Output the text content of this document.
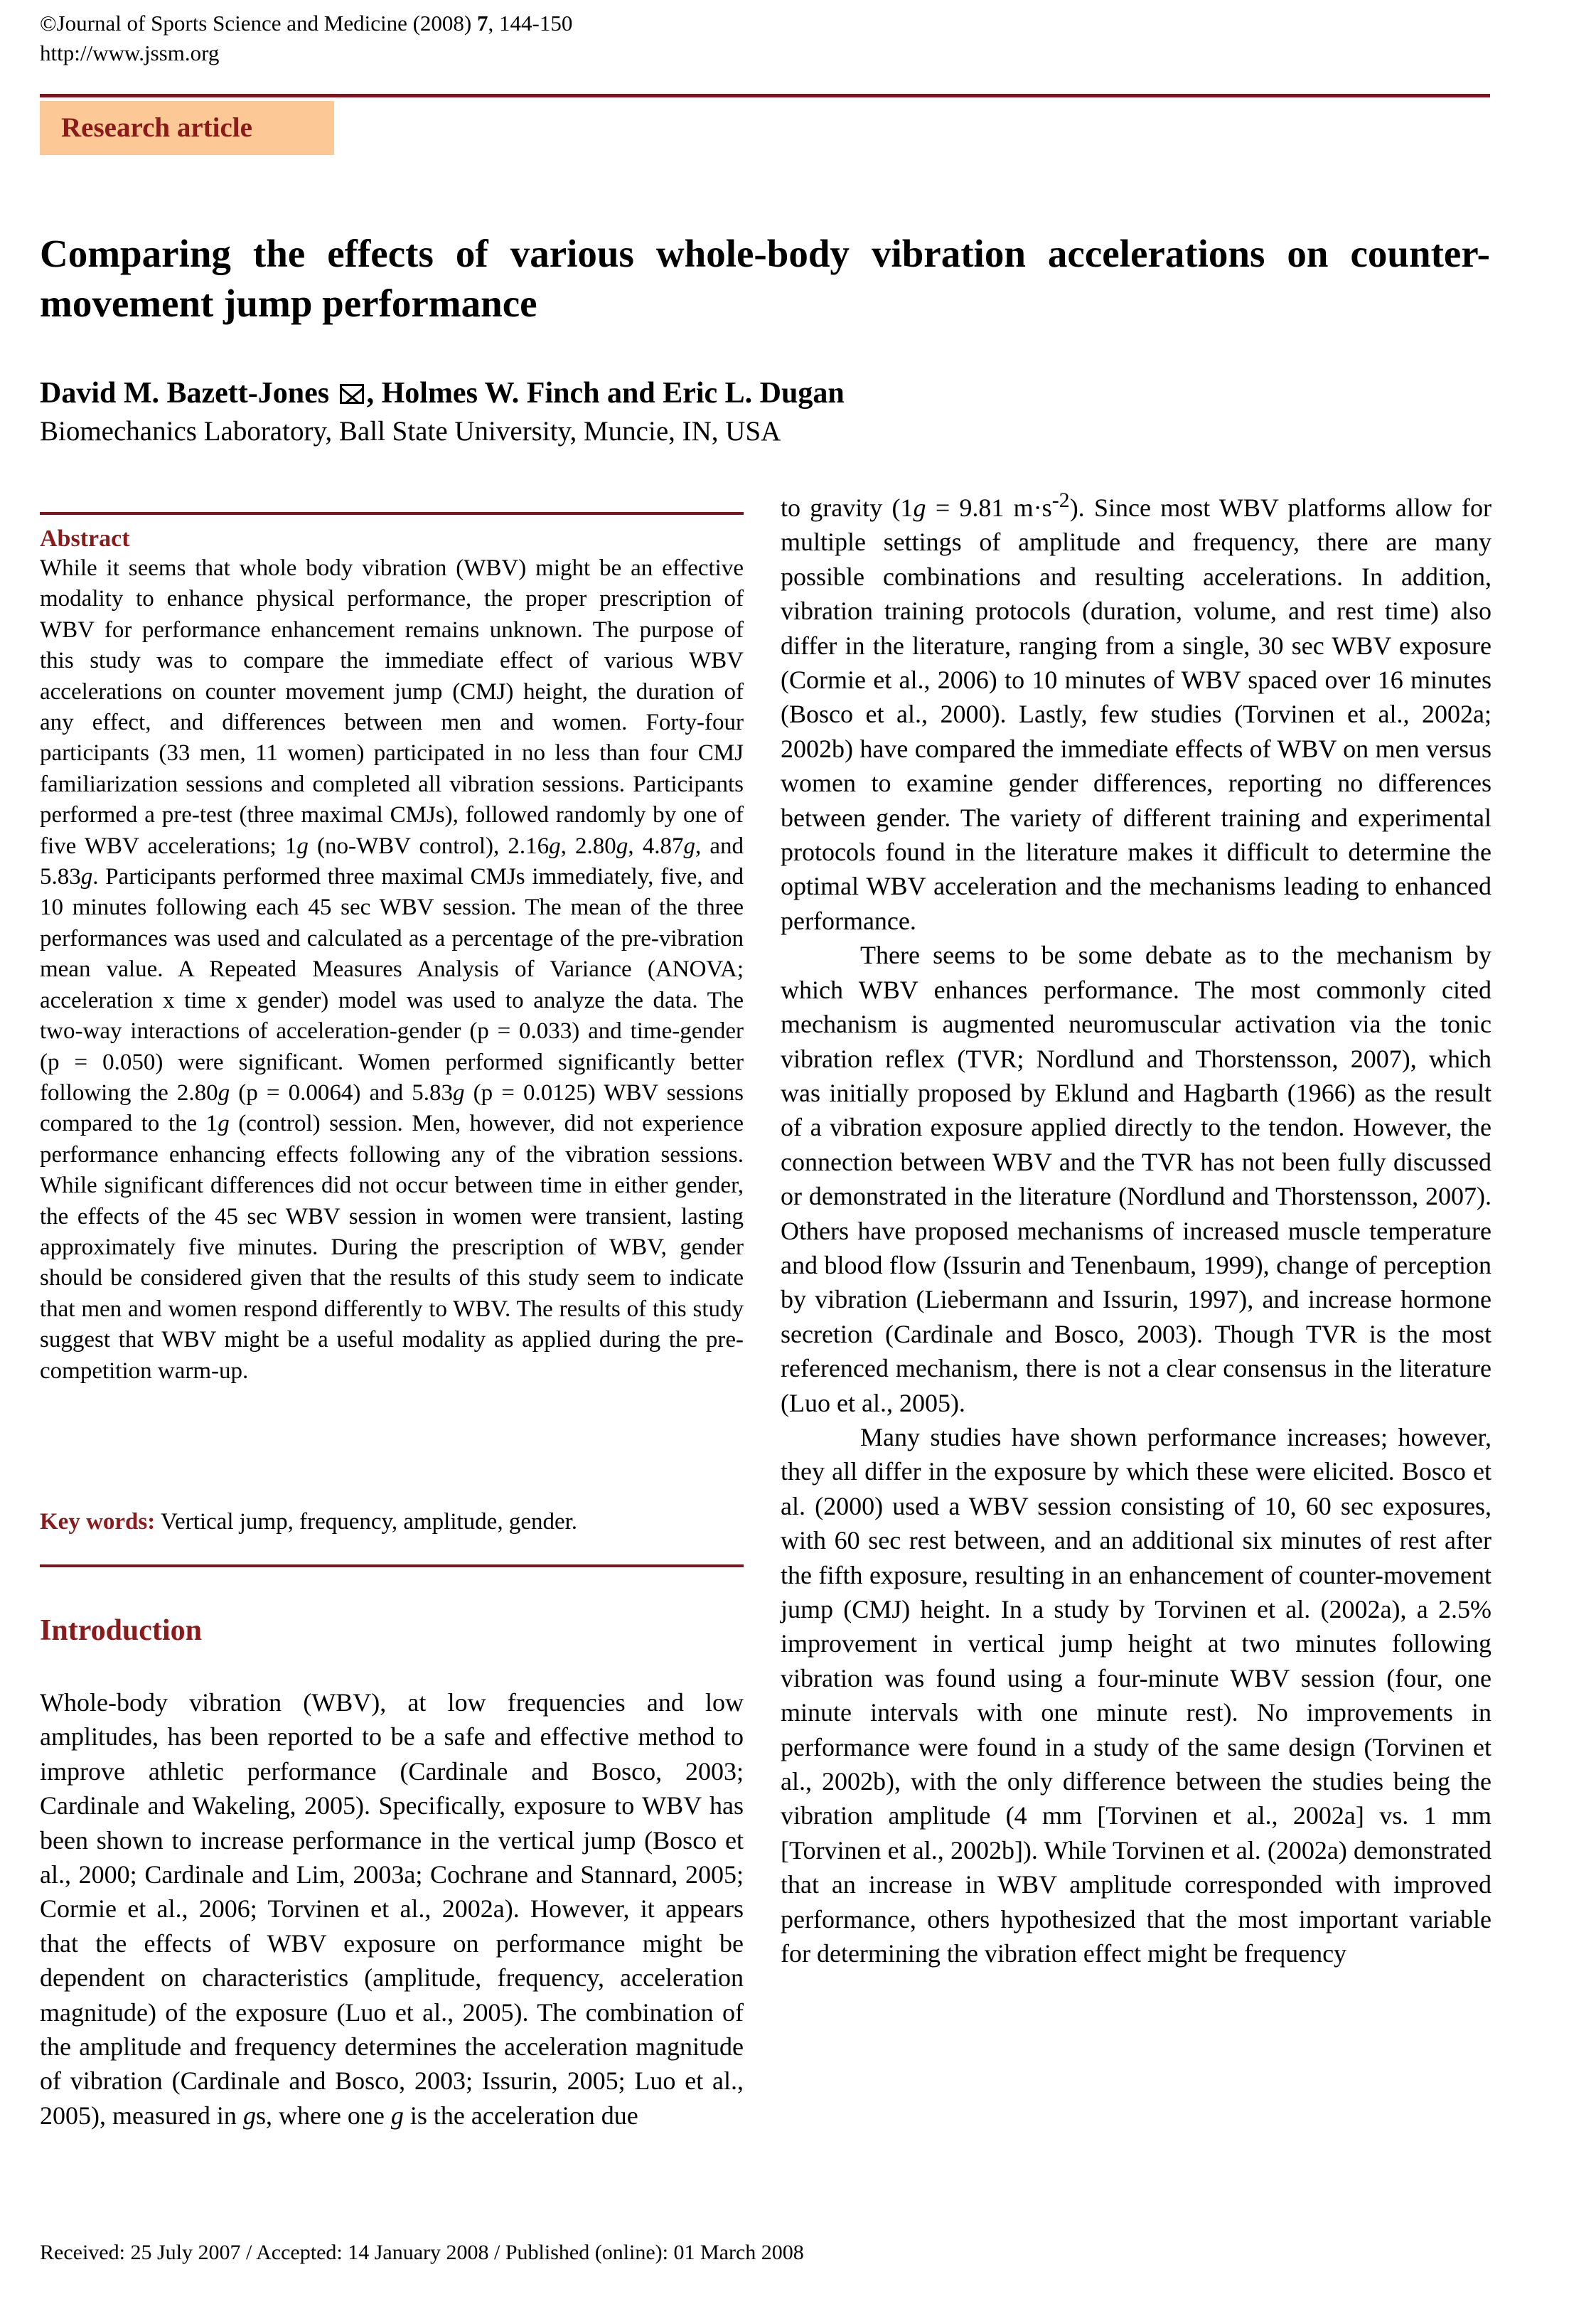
©Journal of Sports Science and Medicine (2008) 7, 144-150
http://www.jssm.org
Research article
Comparing the effects of various whole-body vibration accelerations on counter-movement jump performance
David M. Bazett-Jones , Holmes W. Finch and Eric L. Dugan
Biomechanics Laboratory, Ball State University, Muncie, IN, USA
Abstract
While it seems that whole body vibration (WBV) might be an effective modality to enhance physical performance, the proper prescription of WBV for performance enhancement remains unknown. The purpose of this study was to compare the immediate effect of various WBV accelerations on counter movement jump (CMJ) height, the duration of any effect, and differences between men and women. Forty-four participants (33 men, 11 women) participated in no less than four CMJ familiarization sessions and completed all vibration sessions. Participants performed a pre-test (three maximal CMJs), followed randomly by one of five WBV accelerations; 1g (no-WBV control), 2.16g, 2.80g, 4.87g, and 5.83g. Participants performed three maximal CMJs immediately, five, and 10 minutes following each 45 sec WBV session. The mean of the three performances was used and calculated as a percentage of the pre-vibration mean value. A Repeated Measures Analysis of Variance (ANOVA; acceleration x time x gender) model was used to analyze the data. The two-way interactions of acceleration-gender (p = 0.033) and time-gender (p = 0.050) were significant. Women performed significantly better following the 2.80g (p = 0.0064) and 5.83g (p = 0.0125) WBV sessions compared to the 1g (control) session. Men, however, did not experience performance enhancing effects following any of the vibration sessions. While significant differences did not occur between time in either gender, the effects of the 45 sec WBV session in women were transient, lasting approximately five minutes. During the prescription of WBV, gender should be considered given that the results of this study seem to indicate that men and women respond differently to WBV. The results of this study suggest that WBV might be a useful modality as applied during the pre-competition warm-up.
Key words: Vertical jump, frequency, amplitude, gender.
Introduction

Whole-body vibration (WBV), at low frequencies and low amplitudes, has been reported to be a safe and effective method to improve athletic performance (Cardinale and Bosco, 2003; Cardinale and Wakeling, 2005). Specifically, exposure to WBV has been shown to increase performance in the vertical jump (Bosco et al., 2000; Cardinale and Lim, 2003a; Cochrane and Stannard, 2005; Cormie et al., 2006; Torvinen et al., 2002a). However, it appears that the effects of WBV exposure on performance might be dependent on characteristics (amplitude, frequency, acceleration magnitude) of the exposure (Luo et al., 2005). The combination of the amplitude and frequency determines the acceleration magnitude of vibration (Cardinale and Bosco, 2003; Issurin, 2005; Luo et al., 2005), measured in gs, where one g is the acceleration due

to gravity (1g = 9.81 $m\cdot s^{-2}$). Since most WBV platforms allow for multiple settings of amplitude and frequency, there are many possible combinations and resulting accelerations. In addition, vibration training protocols (duration, volume, and rest time) also differ in the literature, ranging from a single, 30 sec WBV exposure (Cormie et al., 2006) to 10 minutes of WBV spaced over 16 minutes (Bosco et al., 2000). Lastly, few studies (Torvinen et al., 2002a; 2002b) have compared the immediate effects of WBV on men versus women to examine gender differences, reporting no differences between gender. The variety of different training and experimental protocols found in the literature makes it difficult to determine the optimal WBV acceleration and the mechanisms leading to enhanced performance.

There seems to be some debate as to the mechanism by which WBV enhances performance. The most commonly cited mechanism is augmented neuromuscular activation via the tonic vibration reflex (TVR; Nordlund and Thorstensson, 2007), which was initially proposed by Eklund and Hagbarth (1966) as the result of a vibration exposure applied directly to the tendon. However, the connection between WBV and the TVR has not been fully discussed or demonstrated in the literature (Nordlund and Thorstensson, 2007). Others have proposed mechanisms of increased muscle temperature and blood flow (Issurin and Tenenbaum, 1999), change of perception by vibration (Liebermann and Issurin, 1997), and increase hormone secretion (Cardinale and Bosco, 2003). Though TVR is the most referenced mechanism, there is not a clear consensus in the literature (Luo et al., 2005).

Many studies have shown performance increases; however, they all differ in the exposure by which these were elicited. Bosco et al. (2000) used a WBV session consisting of 10, 60 sec exposures, with 60 sec rest between, and an additional six minutes of rest after the fifth exposure, resulting in an enhancement of counter-movement jump (CMJ) height. In a study by Torvinen et al. (2002a), a 2.5% improvement in vertical jump height at two minutes following vibration was found using a four-minute WBV session (four, one minute intervals with one minute rest). No improvements in performance were found in a study of the same design (Torvinen et al., 2002b), with the only difference between the studies being the vibration amplitude (4 mm [Torvinen et al., 2002a] vs. 1 mm [Torvinen et al., 2002b]). While Torvinen et al. (2002a) demonstrated that an increase in WBV amplitude corresponded with improved performance, others hypothesized that the most important variable for determining the vibration effect might be frequency

Received: 25 July 2007 / Accepted: 14 January 2008 / Published (online): 01 March 2008
